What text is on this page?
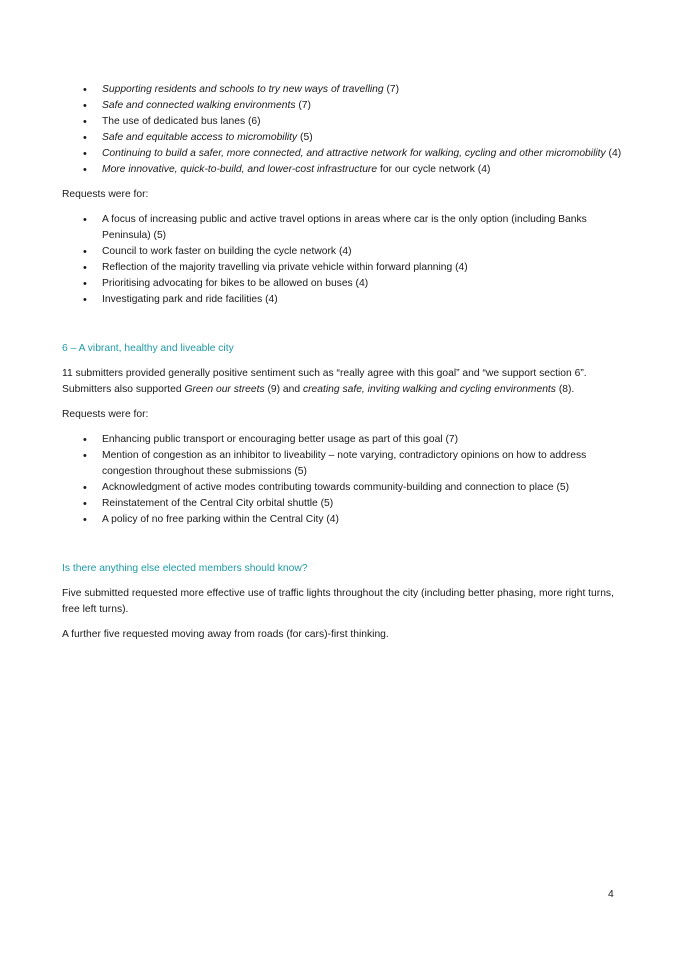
• Supporting residents and schools to try new ways of travelling (7)
• Safe and connected walking environments (7)
• The use of dedicated bus lanes (6)
• Safe and equitable access to micromobility (5)
• Continuing to build a safer, more connected, and attractive network for walking, cycling and other micromobility (4)
• More innovative, quick-to-build, and lower-cost infrastructure for our cycle network (4)

Requests were for:

• A focus of increasing public and active travel options in areas where car is the only option (including Banks Peninsula) (5)
• Council to work faster on building the cycle network (4)
• Reflection of the majority travelling via private vehicle within forward planning (4)
• Prioritising advocating for bikes to be allowed on buses (4)
• Investigating park and ride facilities (4)
6 – A vibrant, healthy and liveable city

11 submitters provided generally positive sentiment such as “really agree with this goal” and “we support section 6”. Submitters also supported Green our streets (9) and creating safe, inviting walking and cycling environments (8).

Requests were for:

• Enhancing public transport or encouraging better usage as part of this goal (7)
• Mention of congestion as an inhibitor to liveability – note varying, contradictory opinions on how to address congestion throughout these submissions (5)
• Acknowledgment of active modes contributing towards community-building and connection to place (5)
• Reinstatement of the Central City orbital shuttle (5)
• A policy of no free parking within the Central City (4)
Is there anything else elected members should know?

Five submitted requested more effective use of traffic lights throughout the city (including better phasing, more right turns, free left turns).

A further five requested moving away from roads (for cars)-first thinking.

4
